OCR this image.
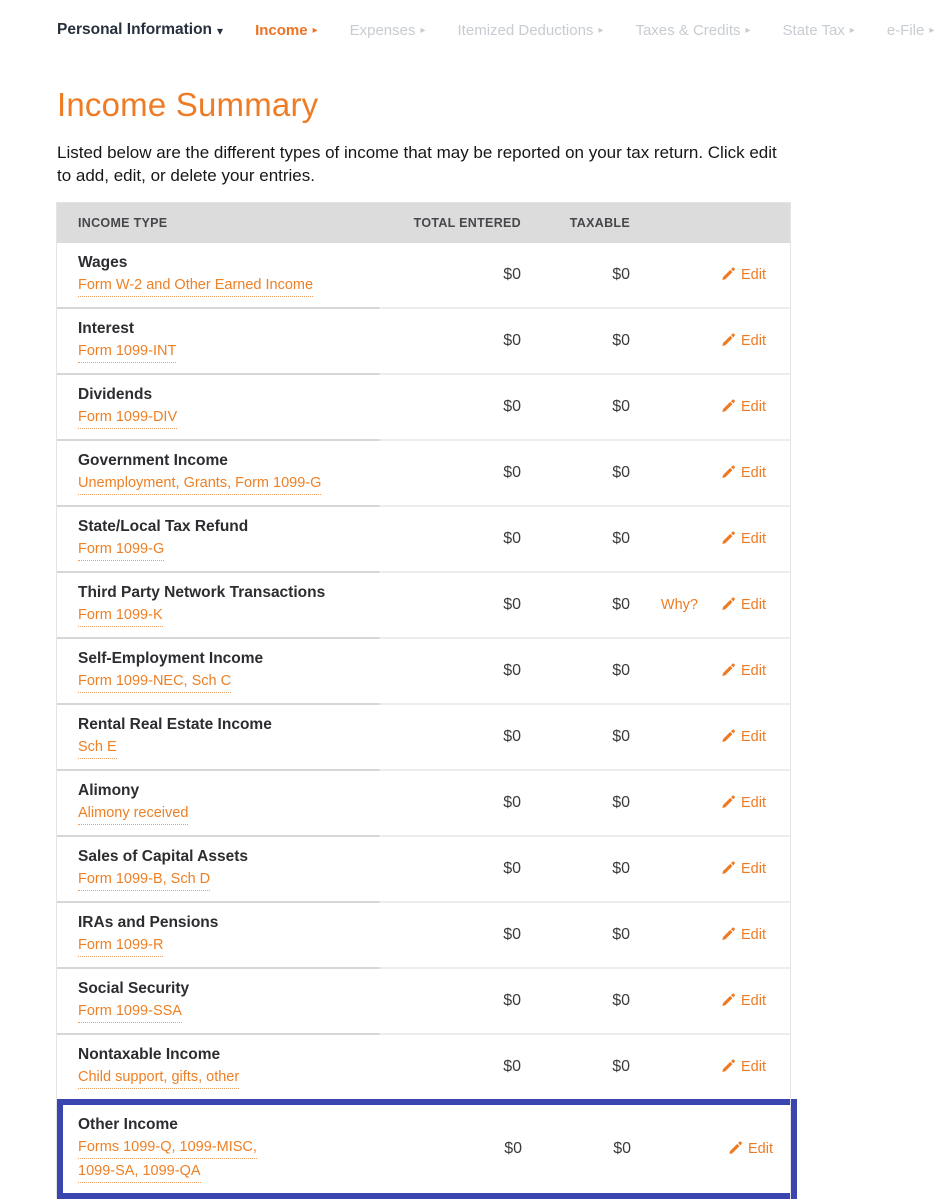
Personal Information ▾ Income ▸ Expenses ▸ Itemized Deductions ▸ Taxes & Credits ▸ State Tax ▸ e-File ▸
Income Summary

Listed below are the different types of income that may be reported on your tax return. Click edit to add, edit, or delete your entries.

INCOME TYPE	TOTAL ENTERED	TAXABLE
Wages
Form W-2 and Other Earned Income
$0	$0	Edit
Interest
Form 1099-INT
$0	$0	Edit
Dividends
Form 1099-DIV
$0	$0	Edit
Government Income
Unemployment, Grants, Form 1099-G
$0	$0	Edit
State/Local Tax Refund
Form 1099-G
$0	$0	Edit
Third Party Network Transactions
Form 1099-K
$0	$0	Why?	Edit
Self-Employment Income
Form 1099-NEC, Sch C
$0	$0	Edit
Rental Real Estate Income
Sch E
$0	$0	Edit
Alimony
Alimony received
$0	$0	Edit
Sales of Capital Assets
Form 1099-B, Sch D
$0	$0	Edit
IRAs and Pensions
Form 1099-R
$0	$0	Edit
Social Security
Form 1099-SSA
$0	$0	Edit
Nontaxable Income
Child support, gifts, other
$0	$0	Edit
Other Income
Forms 1099-Q, 1099-MISC,
1099-SA, 1099-QA
$0	$0	Edit
